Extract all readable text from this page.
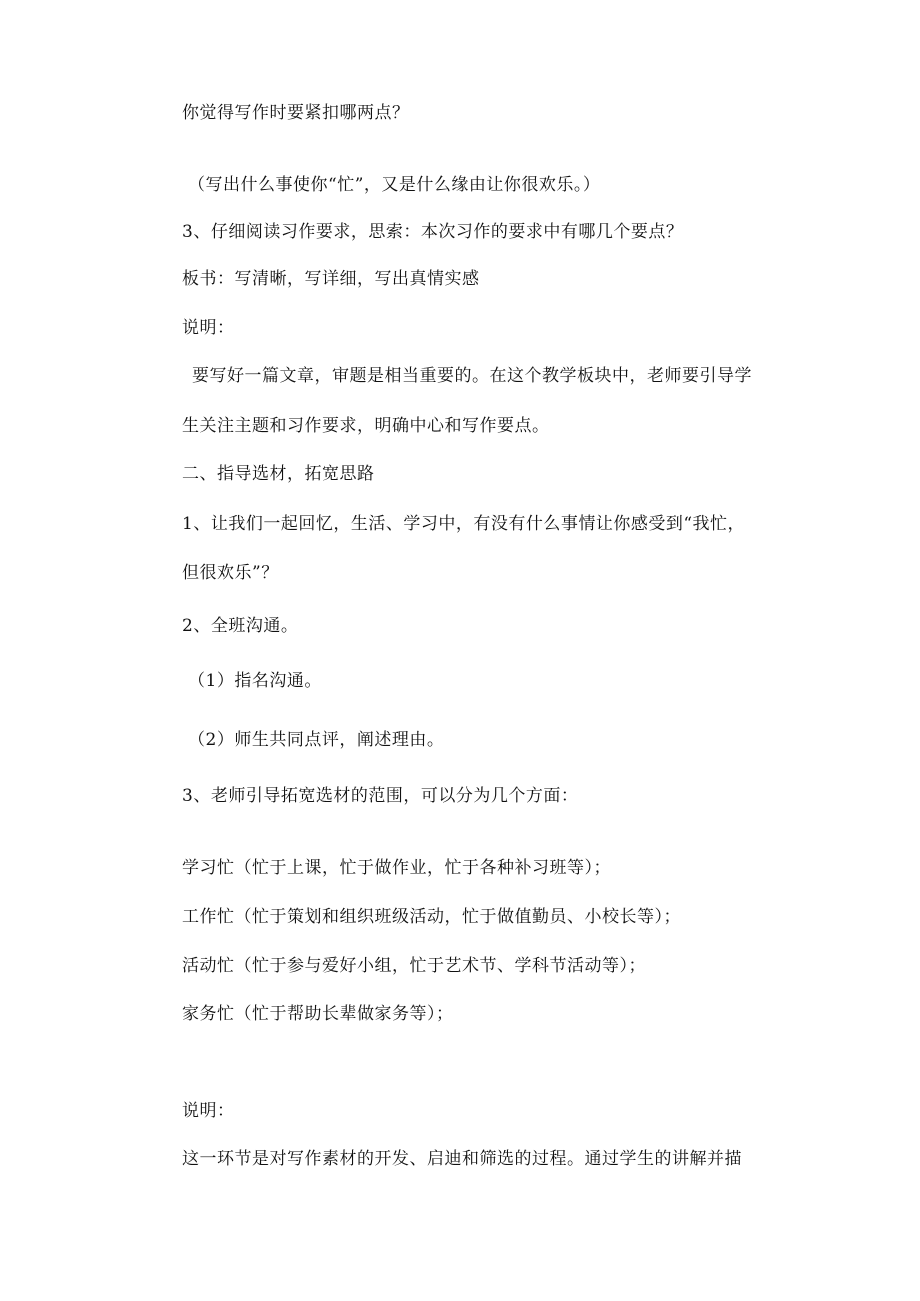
你觉得写作时要紧扣哪两点？
（写出什么事使你“忙”，又是什么缘由让你很欢乐。）
3、仔细阅读习作要求，思索：本次习作的要求中有哪几个要点？
板书：写清晰，写详细，写出真情实感
说明：
要写好一篇文章，审题是相当重要的。在这个教学板块中，老师要引导学
生关注主题和习作要求，明确中心和写作要点。
二、指导选材，拓宽思路
1、让我们一起回忆，生活、学习中，有没有什么事情让你感受到“我忙，
但很欢乐”？
2、全班沟通。
（1）指名沟通。
（2）师生共同点评，阐述理由。
3、老师引导拓宽选材的范围，可以分为几个方面：
学习忙（忙于上课，忙于做作业，忙于各种补习班等）；
工作忙（忙于策划和组织班级活动，忙于做值勤员、小校长等）；
活动忙（忙于参与爱好小组，忙于艺术节、学科节活动等）；
家务忙（忙于帮助长辈做家务等）；
说明：
这一环节是对写作素材的开发、启迪和筛选的过程。通过学生的讲解并描
